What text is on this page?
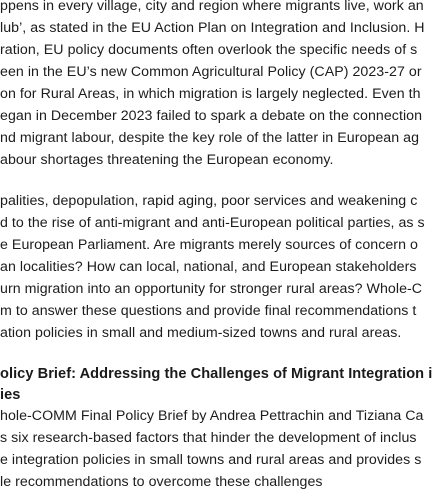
ppens in every village, city and region where migrants live, work an
lub’, as stated in the EU Action Plan on Integration and Inclusion. H
ration, EU policy documents often overlook the specific needs of s
een in the EU’s new Common Agricultural Policy (CAP) 2023-27 or
on for Rural Areas, in which migration is largely neglected. Even th
egan in December 2023 failed to spark a debate on the connection
nd migrant labour, despite the key role of the latter in European ag
abour shortages threatening the European economy.
palities, depopulation, rapid aging, poor services and weakening c
d to the rise of anti-migrant and anti-European political parties, as s
e European Parliament. Are migrants merely sources of concern o
an localities? How can local, national, and European stakeholders
urn migration into an opportunity for stronger rural areas? Whole-C
m to answer these questions and provide final recommendations t
ation policies in small and medium-sized towns and rural areas.
olicy Brief: Addressing the Challenges of Migrant Integration i
ies
hole-COMM Final Policy Brief by Andrea Pettrachin and Tiziana Ca
s six research-based factors that hinder the development of inclus
e integration policies in small towns and rural areas and provides s
le recommendations to overcome these challenges
